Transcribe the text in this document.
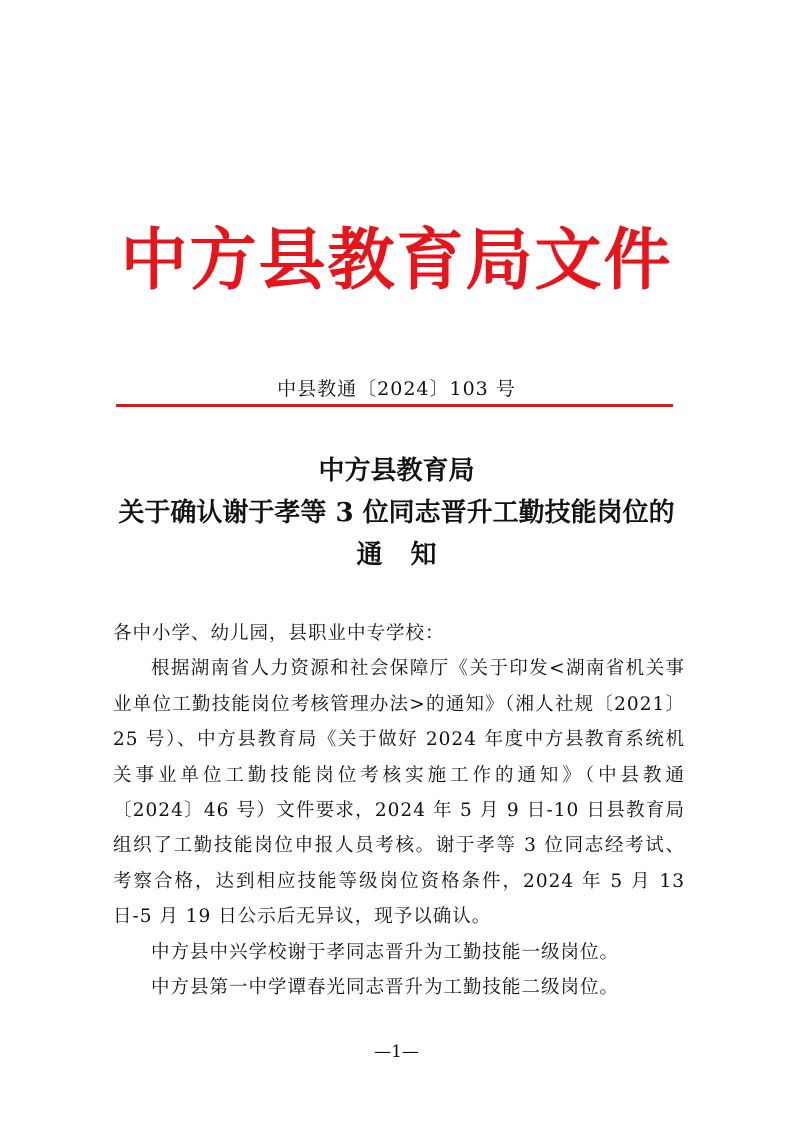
中方县教育局文件
中县教通〔2024〕103 号
中方县教育局
关于确认谢于孝等 3 位同志晋升工勤技能岗位的
通知

各中小学、幼儿园，县职业中专学校：

根据湖南省人力资源和社会保障厅《关于印发<湖南省机关事业单位工勤技能岗位考核管理办法>的通知》（湘人社规〔2021〕25 号）、中方县教育局《关于做好 2024 年度中方县教育系统机关事业单位工勤技能岗位考核实施工作的通知》（中县教通〔2024〕46 号）文件要求，2024 年 5 月 9 日-10 日县教育局组织了工勤技能岗位申报人员考核。谢于孝等 3 位同志经考试、考察合格，达到相应技能等级岗位资格条件，2024 年 5 月 13 日-5 月 19 日公示后无异议，现予以确认。

中方县中兴学校谢于孝同志晋升为工勤技能一级岗位。

中方县第一中学谭春光同志晋升为工勤技能二级岗位。

—1—
